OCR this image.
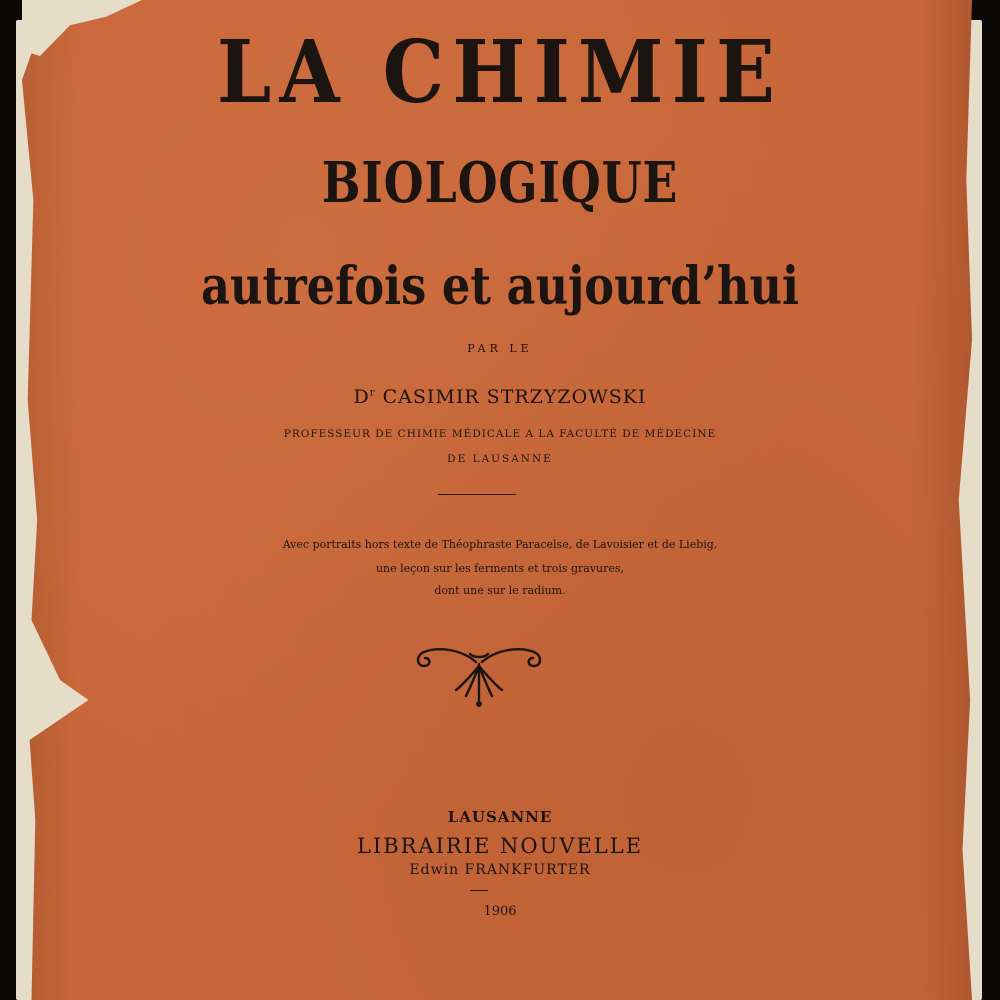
LA CHIMIE
BIOLOGIQUE
autrefois et aujourd’hui
PAR LE
$D^r$ CASIMIR STRZYZOWSKI
PROFESSEUR DE CHIMIE MÉDICALE A LA FACULTÉ DE MÉDECINE
DE LAUSANNE
Avec portraits hors texte de Théophraste Paracelse, de Lavoisier et de Liebig,
une leçon sur les ferments et trois gravures,
dont une sur le radium.
LAUSANNE
LIBRAIRIE NOUVELLE
Edwin FRANKFURTER
1906
